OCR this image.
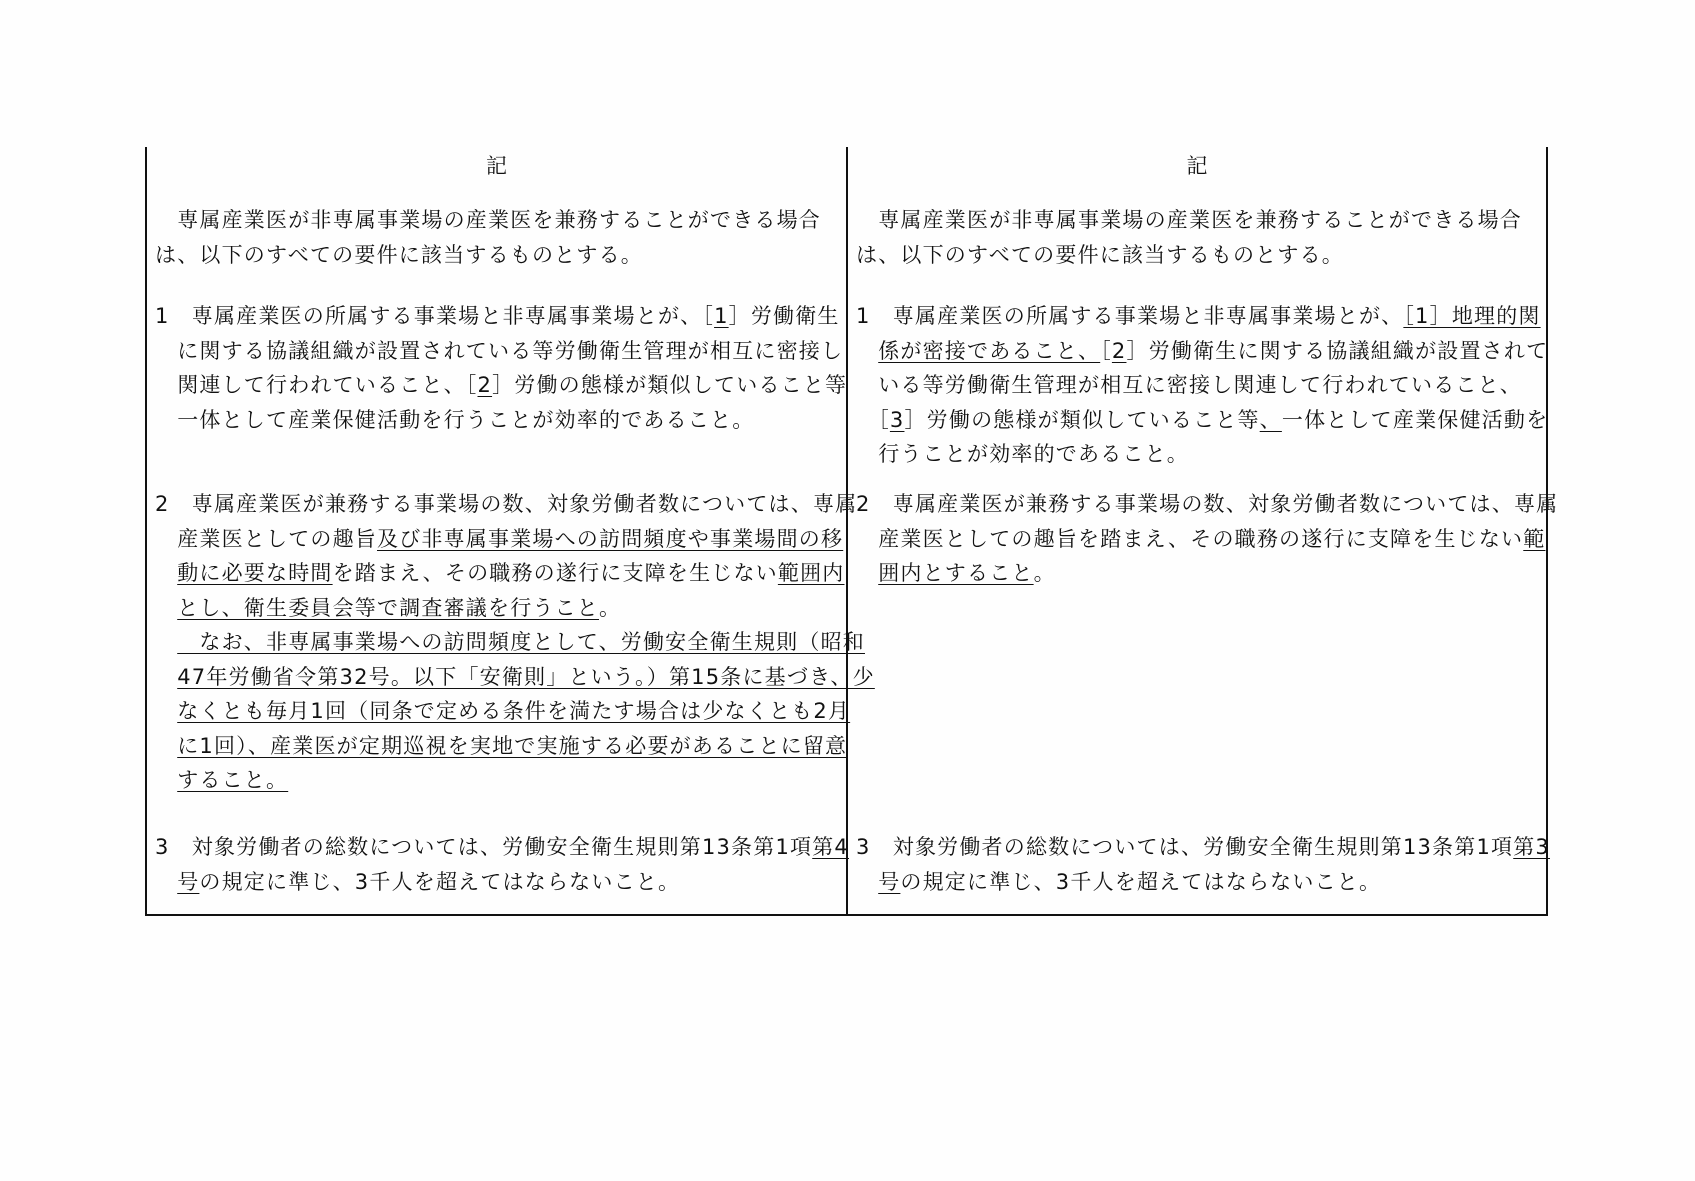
記
　専属産業医が非専属事業場の産業医を兼務することができる場合
は、以下のすべての要件に該当するものとする。
1　専属産業医の所属する事業場と非専属事業場とが、［1］労働衛生
　に関する協議組織が設置されている等労働衛生管理が相互に密接し
　関連して行われていること、［2］労働の態様が類似していること等
　一体として産業保健活動を行うことが効率的であること。
2　専属産業医が兼務する事業場の数、対象労働者数については、専属
　産業医としての趣旨及び非専属事業場への訪問頻度や事業場間の移
　動に必要な時間を踏まえ、その職務の遂行に支障を生じない範囲内
　とし、衛生委員会等で調査審議を行うこと。
　　なお、非専属事業場への訪問頻度として、労働安全衛生規則（昭和
　47年労働省令第32号。以下「安衛則」という。）第15条に基づき、少
　なくとも毎月1回（同条で定める条件を満たす場合は少なくとも2月
　に1回）、産業医が定期巡視を実地で実施する必要があることに留意
　すること。
3　対象労働者の総数については、労働安全衛生規則第13条第1項第4
　号の規定に準じ、3千人を超えてはならないこと。
記
　専属産業医が非専属事業場の産業医を兼務することができる場合
は、以下のすべての要件に該当するものとする。
1　専属産業医の所属する事業場と非専属事業場とが、［1］地理的関
　係が密接であること、［2］労働衛生に関する協議組織が設置されて
　いる等労働衛生管理が相互に密接し関連して行われていること、
　［3］労働の態様が類似していること等、一体として産業保健活動を
　行うことが効率的であること。
2　専属産業医が兼務する事業場の数、対象労働者数については、専属
　産業医としての趣旨を踏まえ、その職務の遂行に支障を生じない範
　囲内とすること。
3　対象労働者の総数については、労働安全衛生規則第13条第1項第3
　号の規定に準じ、3千人を超えてはならないこと。
